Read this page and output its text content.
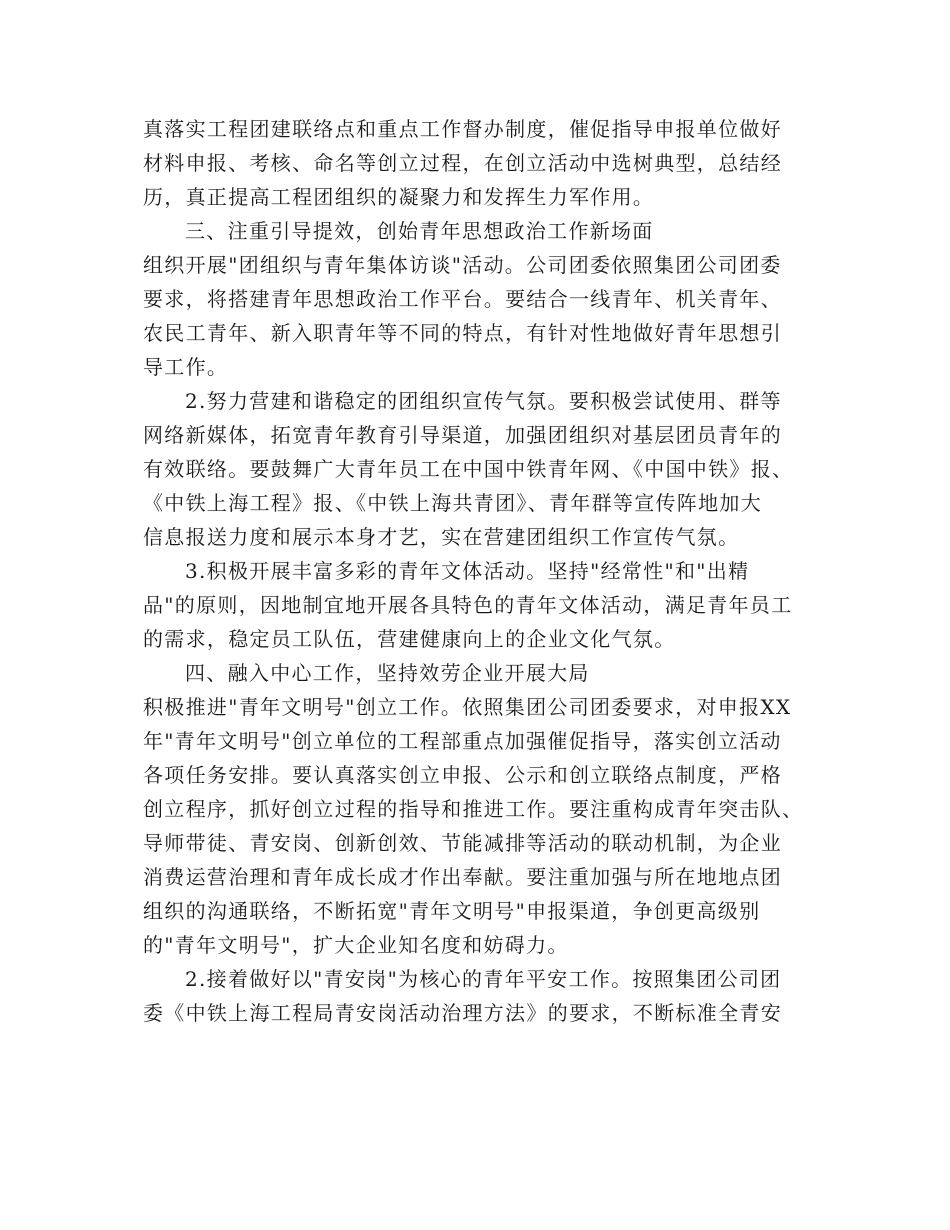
真落实工程团建联络点和重点工作督办制度，催促指导申报单位做好
材料申报、考核、命名等创立过程，在创立活动中选树典型，总结经
历，真正提高工程团组织的凝聚力和发挥生力军作用。
三、注重引导提效，创始青年思想政治工作新场面
组织开展"团组织与青年集体访谈"活动。公司团委依照集团公司团委
要求，将搭建青年思想政治工作平台。要结合一线青年、机关青年、
农民工青年、新入职青年等不同的特点，有针对性地做好青年思想引
导工作。
2.努力营建和谐稳定的团组织宣传气氛。要积极尝试使用、群等
网络新媒体，拓宽青年教育引导渠道，加强团组织对基层团员青年的
有效联络。要鼓舞广大青年员工在中国中铁青年网、《中国中铁》报、
《中铁上海工程》报、《中铁上海共青团》、青年群等宣传阵地加大
信息报送力度和展示本身才艺，实在营建团组织工作宣传气氛。
3.积极开展丰富多彩的青年文体活动。坚持"经常性"和"出精
品"的原则，因地制宜地开展各具特色的青年文体活动，满足青年员工
的需求，稳定员工队伍，营建健康向上的企业文化气氛。
四、融入中心工作，坚持效劳企业开展大局
积极推进"青年文明号"创立工作。依照集团公司团委要求，对申报XX
年"青年文明号"创立单位的工程部重点加强催促指导，落实创立活动
各项任务安排。要认真落实创立申报、公示和创立联络点制度，严格
创立程序，抓好创立过程的指导和推进工作。要注重构成青年突击队、
导师带徒、青安岗、创新创效、节能减排等活动的联动机制，为企业
消费运营治理和青年成长成才作出奉献。要注重加强与所在地地点团
组织的沟通联络，不断拓宽"青年文明号"申报渠道，争创更高级别
的"青年文明号"，扩大企业知名度和妨碍力。
2.接着做好以"青安岗"为核心的青年平安工作。按照集团公司团
委《中铁上海工程局青安岗活动治理方法》的要求，不断标准全青安
